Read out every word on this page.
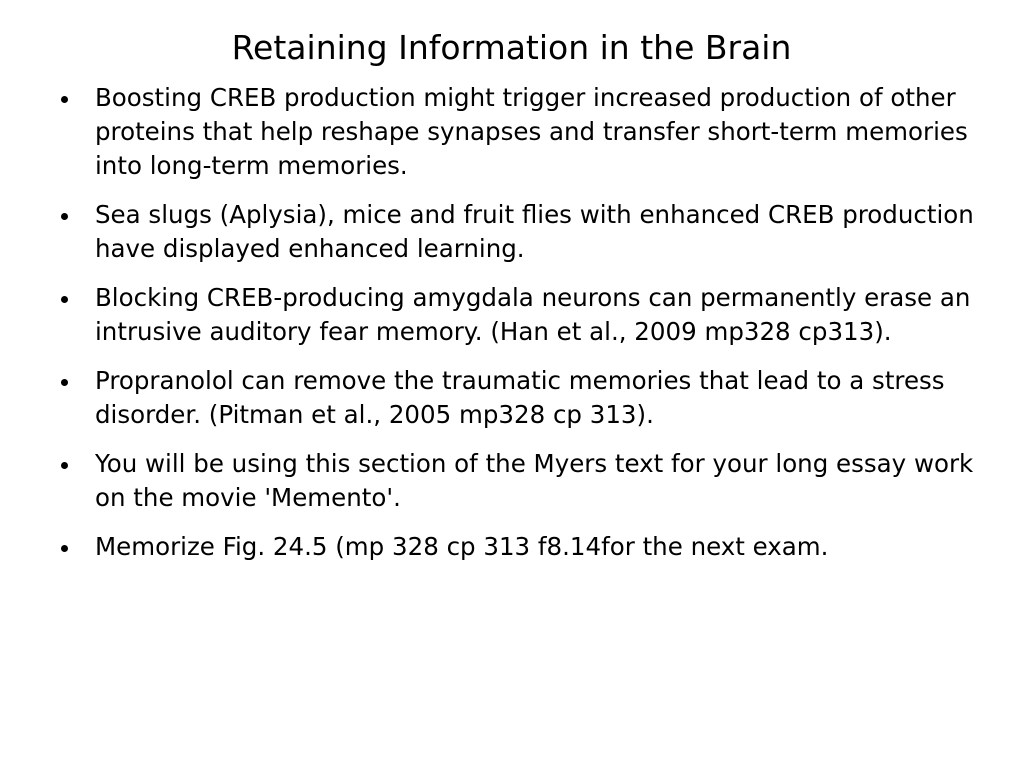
Retaining Information in the Brain
Boosting CREB production might trigger increased production of other proteins that help reshape synapses and transfer short-term memories into long-term memories.
Sea slugs (Aplysia), mice and fruit flies with enhanced CREB production have displayed enhanced learning.
Blocking CREB-producing amygdala neurons can permanently erase an intrusive auditory fear memory. (Han et al., 2009 mp328 cp313).
Propranolol can remove the traumatic memories that lead to a stress disorder. (Pitman et al., 2005 mp328 cp 313).
You will be using this section of the Myers text for your long essay work on the movie 'Memento'.
Memorize Fig. 24.5 (mp 328 cp 313 f8.14for the next exam.
